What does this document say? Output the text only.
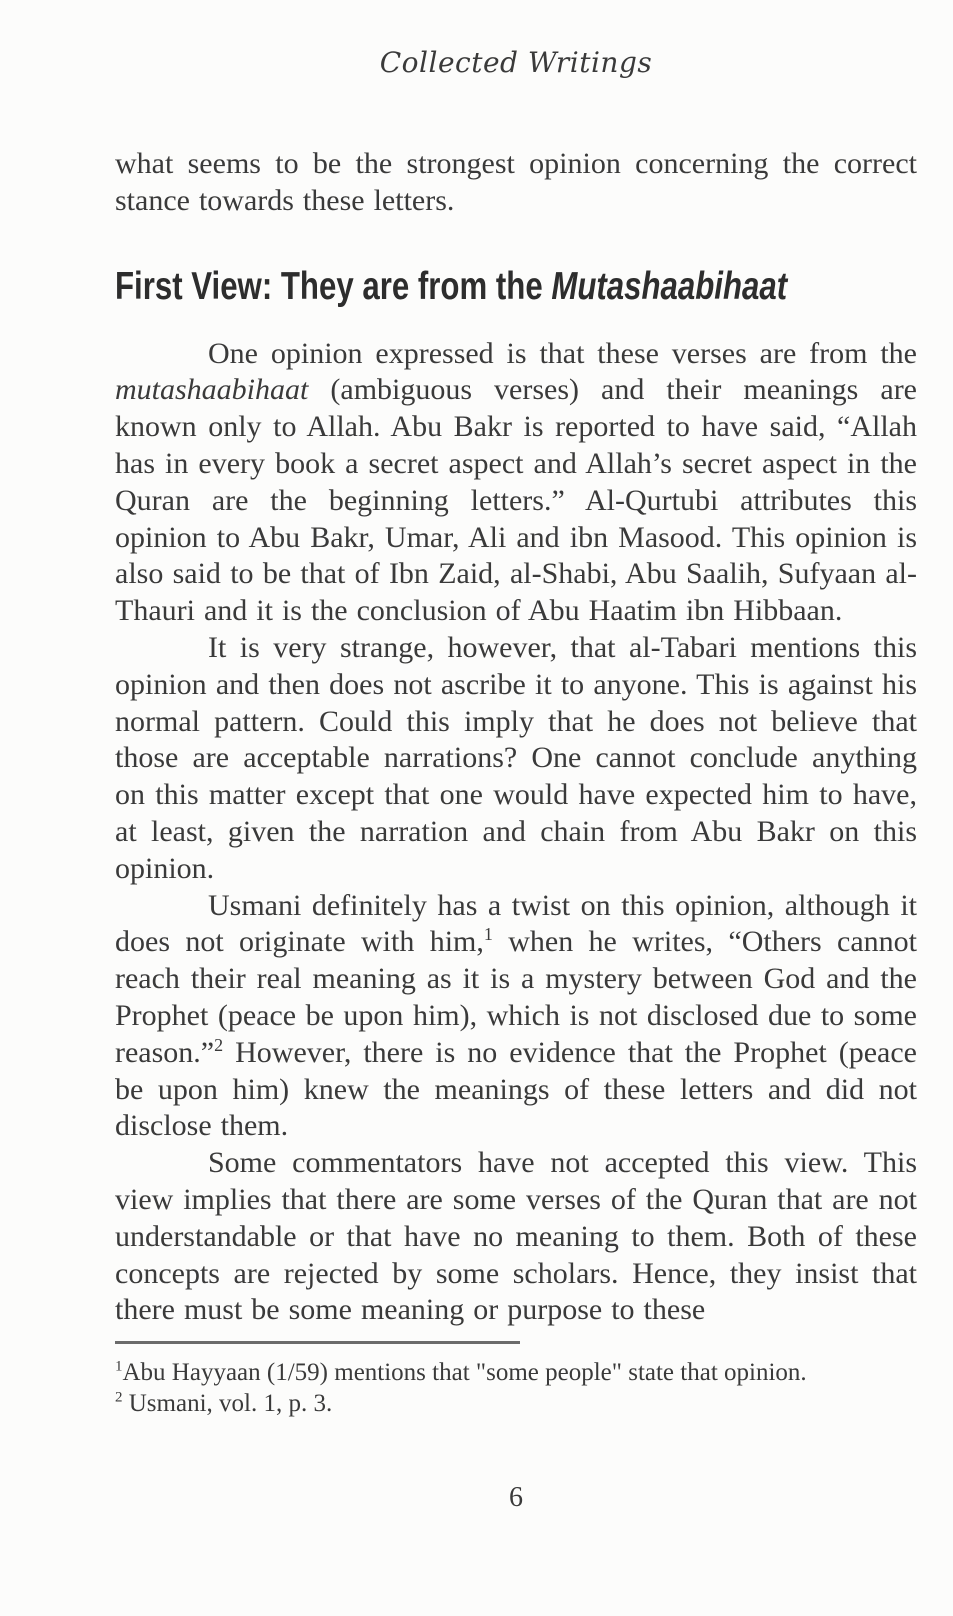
Collected Writings

what seems to be the strongest opinion concerning the correct stance towards these letters.

First View: They are from the Mutashaabihaat

One opinion expressed is that these verses are from the mutashaabihaat (ambiguous verses) and their meanings are known only to Allah. Abu Bakr is reported to have said, “Allah has in every book a secret aspect and Allah’s secret aspect in the Quran are the beginning letters.” Al-Qurtubi attributes this opinion to Abu Bakr, Umar, Ali and ibn Masood. This opinion is also said to be that of Ibn Zaid, al-Shabi, Abu Saalih, Sufyaan al-Thauri and it is the conclusion of Abu Haatim ibn Hibbaan.

It is very strange, however, that al-Tabari mentions this opinion and then does not ascribe it to anyone. This is against his normal pattern. Could this imply that he does not believe that those are acceptable narrations? One cannot conclude anything on this matter except that one would have expected him to have, at least, given the narration and chain from Abu Bakr on this opinion.

Usmani definitely has a twist on this opinion, although it does not originate with him,$^1$ when he writes, “Others cannot reach their real meaning as it is a mystery between God and the Prophet (peace be upon him), which is not disclosed due to some reason.”$^2$ However, there is no evidence that the Prophet (peace be upon him) knew the meanings of these letters and did not disclose them.

Some commentators have not accepted this view. This view implies that there are some verses of the Quran that are not understandable or that have no meaning to them. Both of these concepts are rejected by some scholars. Hence, they insist that there must be some meaning or purpose to these

$^1$Abu Hayyaan (1/59) mentions that "some people" state that opinion.

$^2$ Usmani, vol. 1, p. 3.

6
